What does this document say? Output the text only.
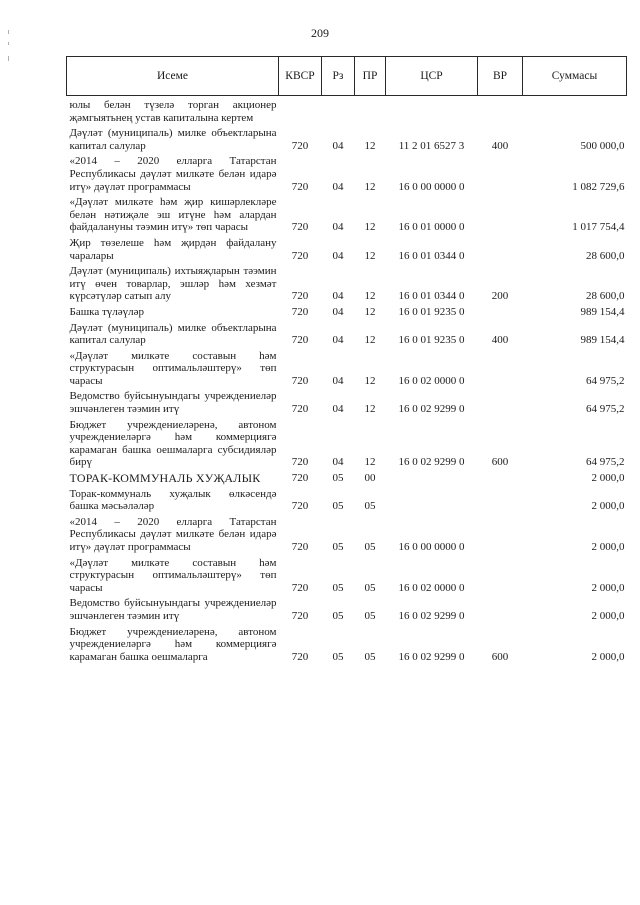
209
Исеме	КВСР	Рз	ПР	ЦСР	ВР	Суммасы
юлы белән түзелә торган акционер җәмгыятьнең устав капиталына кертем						
Дәүләт (муниципаль) милке объектларына капитал салулар	720	04	12	11 2 01 6527 3	400	500 000,0
«2014 – 2020 елларга Татарстан Республикасы дәүләт милкәте белән идарә итү» дәүләт программасы	720	04	12	16 0 00 0000 0		1 082 729,6
«Дәүләт милкәте һәм җир кишәрлекләре белән нәтиҗәле эш итүне һәм алардан файдалануны тәэмин итү» төп чарасы	720	04	12	16 0 01 0000 0		1 017 754,4
Җир төзелеше һәм җирдән файдалану чаралары	720	04	12	16 0 01 0344 0		28 600,0
Дәүләт (муниципаль) ихтыяҗларын тәэмин итү өчен товарлар, эшләр һәм хезмәт күрсәтүләр сатып алу	720	04	12	16 0 01 0344 0	200	28 600,0
Башка түләүләр	720	04	12	16 0 01 9235 0		989 154,4
Дәүләт (муниципаль) милке объектларына капитал салулар	720	04	12	16 0 01 9235 0	400	989 154,4
«Дәүләт милкәте составын һәм структурасын оптимальләштерү» төп чарасы	720	04	12	16 0 02 0000 0		64 975,2
Ведомство буйсынуындагы учреждениеләр эшчәнлеген тәэмин итү	720	04	12	16 0 02 9299 0		64 975,2
Бюджет учреждениеләренә, автоном учреждениеләргә һәм коммерциягә карамаган башка оешмаларга субсидияләр бирү	720	04	12	16 0 02 9299 0	600	64 975,2
ТОРАК-КОММУНАЛЬ ХУҖАЛЫК	720	05	00			2 000,0
Торак-коммуналь хуҗалык өлкәсендә башка мәсьәләләр	720	05	05			2 000,0
«2014 – 2020 елларга Татарстан Республикасы дәүләт милкәте белән идарә итү» дәүләт программасы	720	05	05	16 0 00 0000 0		2 000,0
«Дәүләт милкәте составын һәм структурасын оптимальләштерү» төп чарасы	720	05	05	16 0 02 0000 0		2 000,0
Ведомство буйсынуындагы учреждениеләр эшчәнлеген тәэмин итү	720	05	05	16 0 02 9299 0		2 000,0
Бюджет учреждениеләренә, автоном учреждениеләргә һәм коммерциягә карамаган башка оешмаларга	720	05	05	16 0 02 9299 0	600	2 000,0
